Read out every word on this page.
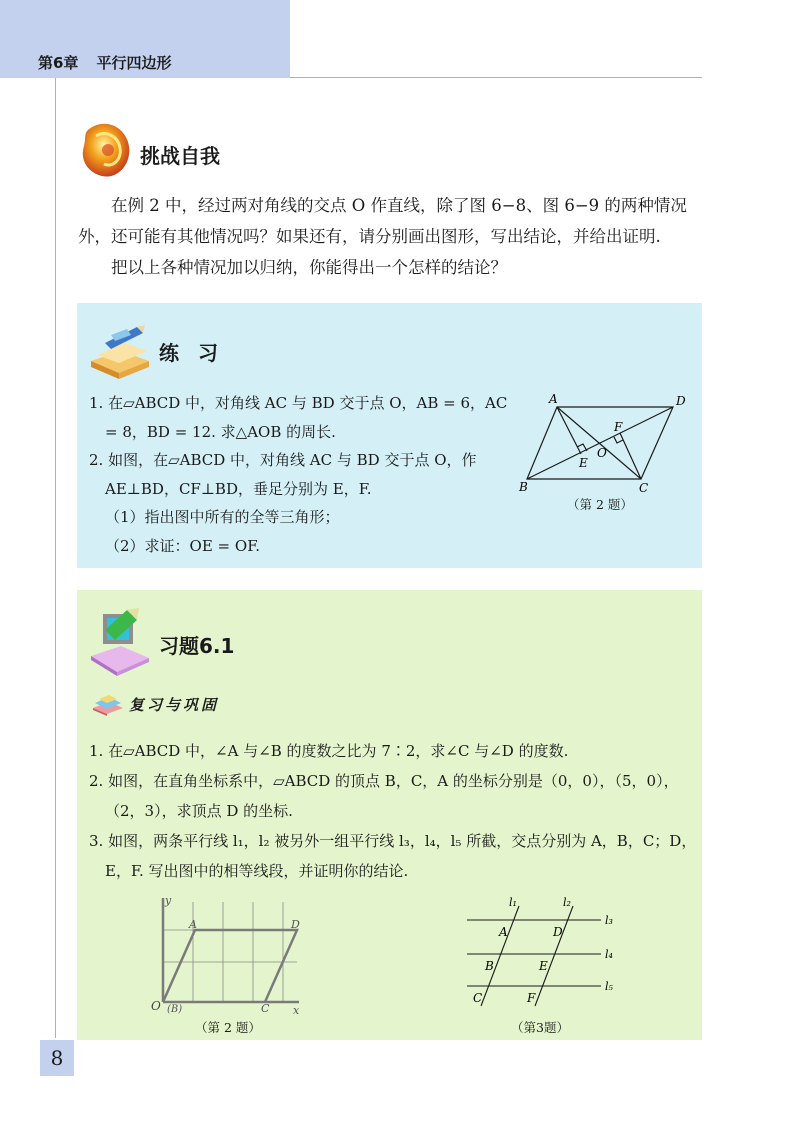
第6章 平行四边形
挑战自我

在例 2 中，经过两对角线的交点 O 作直线，除了图 6−8、图 6−9 的两种情况

外，还可能有其他情况吗？如果还有，请分别画出图形，写出结论，并给出证明.

把以上各种情况加以归纳，你能得出一个怎样的结论？

练 习
1. 在▱ABCD 中，对角线 AC 与 BD 交于点 O，AB = 6，AC
= 8，BD = 12. 求△AOB 的周长.
2. 如图，在▱ABCD 中，对角线 AC 与 BD 交于点 O，作
AE⊥BD，CF⊥BD，垂足分别为 E，F.
（1）指出图中所有的全等三角形；
（2）求证：OE = OF.
A	D
B	C
E
F
O
（第 2 题）
习题6.1
复习与巩固
1. 在▱ABCD 中，∠A 与∠B 的度数之比为 7∶2，求∠C 与∠D 的度数.
2. 如图，在直角坐标系中，▱ABCD 的顶点 B，C，A 的坐标分别是（0，0），（5，0），
（2，3），求顶点 D 的坐标.
3. 如图，两条平行线 l₁，l₂ 被另外一组平行线 l₃，l₄，l₅ 所截，交点分别为 A，B，C；D，
E，F. 写出图中的相等线段，并证明你的结论.
y
A	D
O (B)	C x
（第 2 题）
l₁	l₂
l₃
l₄
l₅
A	D
B	E
C	F
（第3题）
8
